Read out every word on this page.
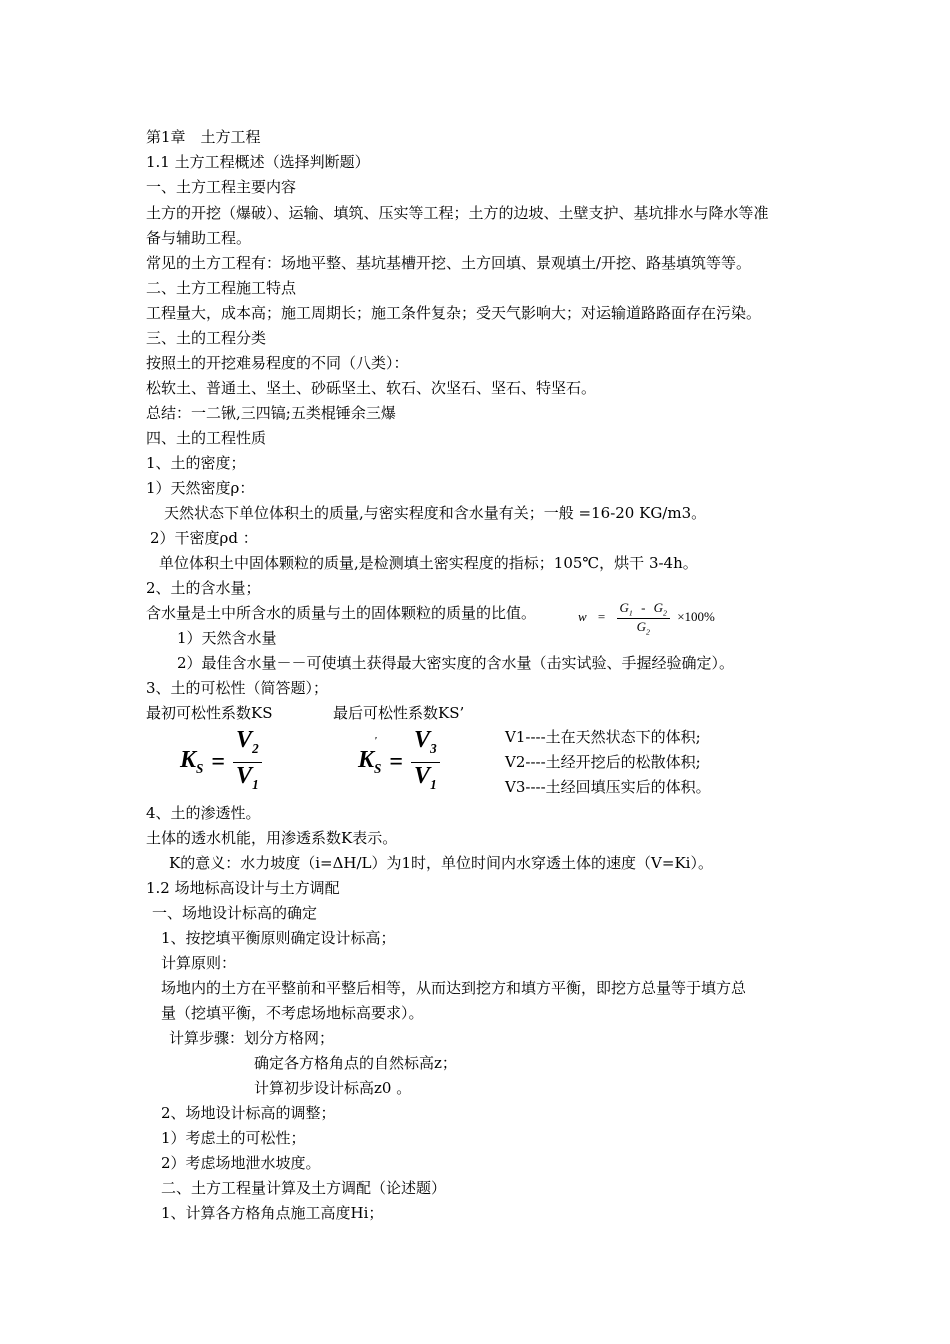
第1章　土方工程
1.1 土方工程概述（选择判断题）
一、土方工程主要内容
土方的开挖（爆破）、运输、填筑、压实等工程；土方的边坡、土壁支护、基坑排水与降水等准
备与辅助工程。
常见的土方工程有：场地平整、基坑基槽开挖、土方回填、景观填土/开挖、路基填筑等等。
二、土方工程施工特点
工程量大，成本高；施工周期长；施工条件复杂；受天气影响大；对运输道路路面存在污染。
三、土的工程分类
按照土的开挖难易程度的不同（八类）：
松软土、普通土、坚土、砂砾坚土、软石、次坚石、坚石、特坚石。
总结：一二锹,三四镐;五类棍锤余三爆
四、土的工程性质
1、土的密度；
1）天然密度ρ：
天然状态下单位体积土的质量,与密实程度和含水量有关；一般 =16-20 KG/m3。
2）干密度ρd ：
单位体积土中固体颗粒的质量,是检测填土密实程度的指标；105℃，烘干 3-4h。
2、土的含水量；
含水量是土中所含水的质量与土的固体颗粒的质量的比值。
1）天然含水量
2）最佳含水量－－可使填土获得最大密实度的含水量（击实试验、手握经验确定）。
3、土的可松性（简答题）；
最初可松性系数KS	最后可松性系数KS’
V1----土在天然状态下的体积;
V2----土经开挖后的松散体积;
V3----土经回填压实后的体积。
4、土的渗透性。
土体的透水机能，用渗透系数K表示。
K的意义：水力坡度（i=ΔH/L）为1时，单位时间内水穿透土体的速度（V=Ki）。
1.2 场地标高设计与土方调配
一、场地设计标高的确定
1、按挖填平衡原则确定设计标高；
计算原则：
场地内的土方在平整前和平整后相等，从而达到挖方和填方平衡，即挖方总量等于填方总
量（挖填平衡，不考虑场地标高要求）。
计算步骤：划分方格网；
确定各方格角点的自然标高z；
计算初步设计标高z0 。
2、场地设计标高的调整；
1）考虑土的可松性；
2）考虑场地泄水坡度。
二、土方工程量计算及土方调配（论述题）
1、计算各方格角点施工高度Hi；
$w = \frac{G_1 - G_2}{G_2} \times 100\%$
$K_S = \frac{V_2}{V_1}$	K
'
$_S = \frac{V_3}{V_1}$
